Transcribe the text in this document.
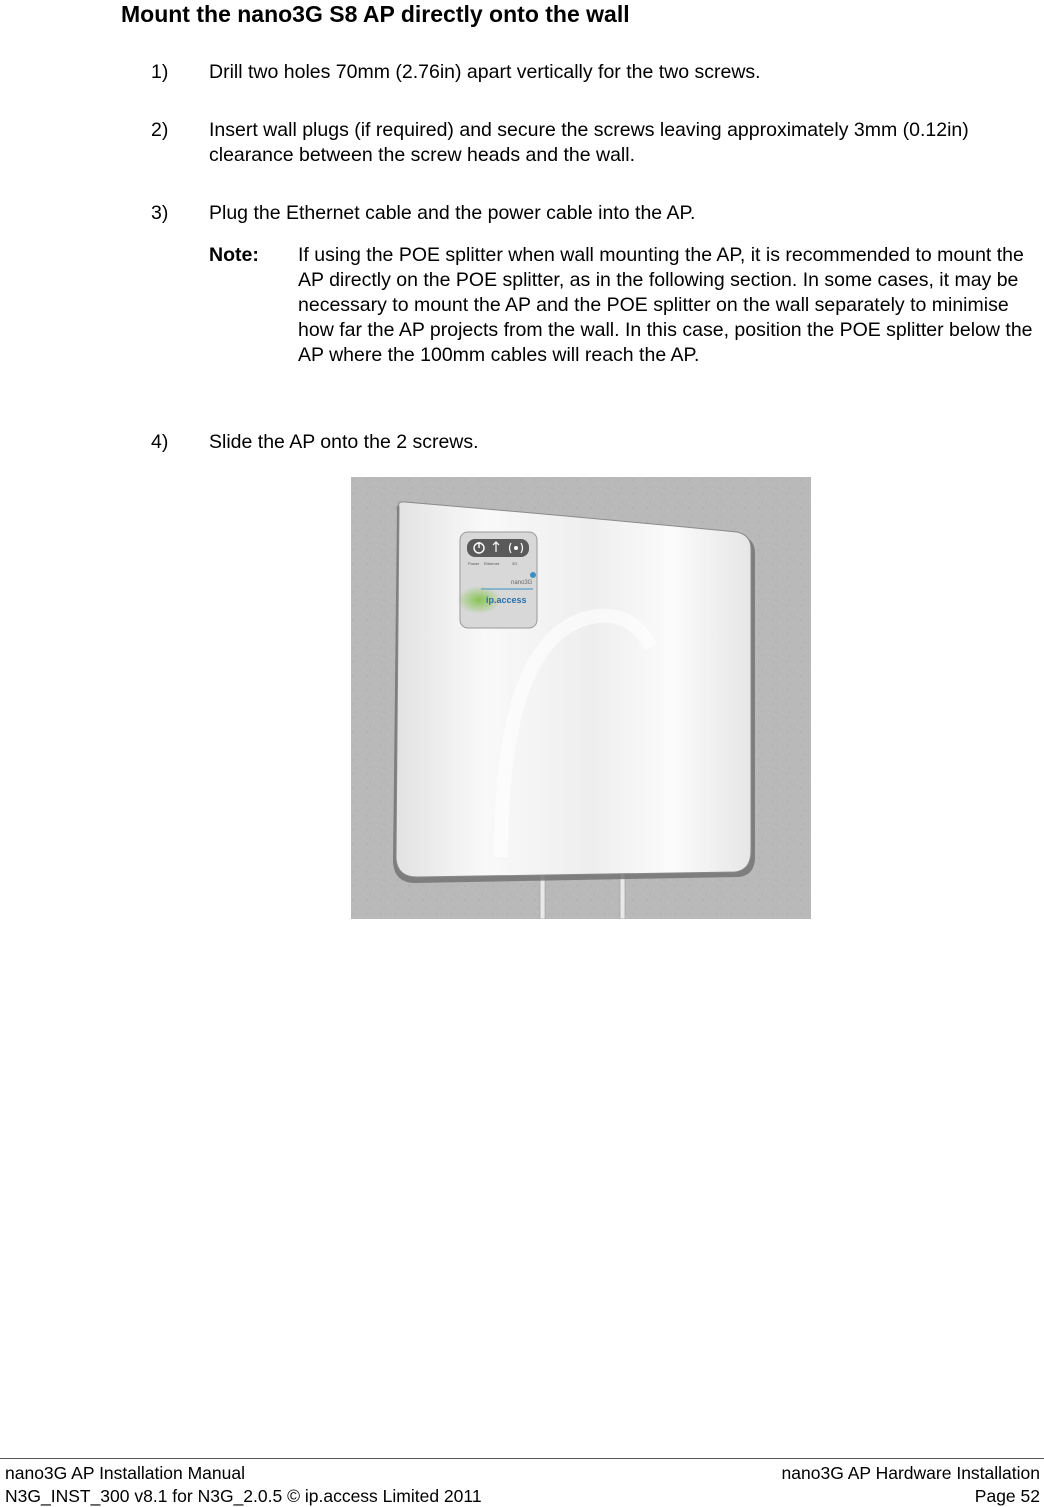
Mount the nano3G S8 AP directly onto the wall
1) Drill two holes 70mm (2.76in) apart vertically for the two screws.
2) Insert wall plugs (if required) and secure the screws leaving approximately 3mm (0.12in) clearance between the screw heads and the wall.
3) Plug the Ethernet cable and the power cable into the AP.
Note: If using the POE splitter when wall mounting the AP, it is recommended to mount the AP directly on the POE splitter, as in the following section. In some cases, it may be necessary to mount the AP and the POE splitter on the wall separately to minimise how far the AP projects from the wall. In this case, position the POE splitter below the AP where the 100mm cables will reach the AP.
4) Slide the AP onto the 2 screws.
Power Ethernet	3G
nano3G
ip.access
nano3G AP Installation Manual
N3G_INST_300 v8.1 for N3G_2.0.5 © ip.access Limited 2011
nano3G AP Hardware Installation
Page 52
